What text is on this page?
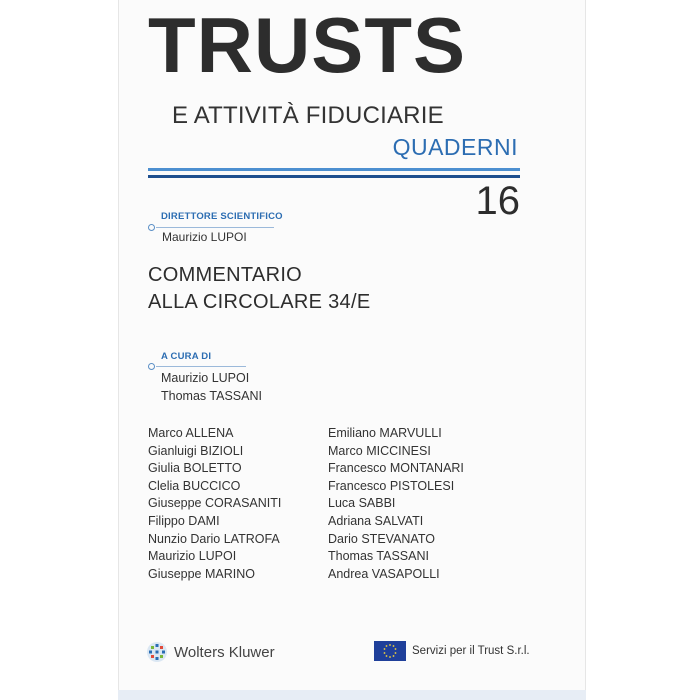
TRUSTS
E ATTIVITÀ FIDUCIARIE
QUADERNI
16
DIRETTORE SCIENTIFICO
Maurizio LUPOI
COMMENTARIO
ALLA CIRCOLARE 34/E
A CURA DI
Maurizio LUPOI
Thomas TASSANI
Marco ALLENA
Gianluigi BIZIOLI
Giulia BOLETTO
Clelia BUCCICO
Giuseppe CORASANITI
Filippo DAMI
Nunzio Dario LATROFA
Maurizio LUPOI
Giuseppe MARINO
Emiliano MARVULLI
Marco MICCINESI
Francesco MONTANARI
Francesco PISTOLESI
Luca SABBI
Adriana SALVATI
Dario STEVANATO
Thomas TASSANI
Andrea VASAPOLLI
Wolters Kluwer	Servizi per il Trust S.r.l.
